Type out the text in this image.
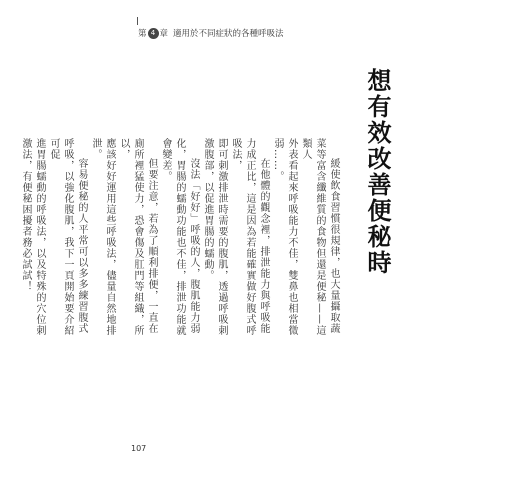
第 4 章 適用於不同症狀的各種呼吸法
想有效改善便秘時

緩使飲食習慣很規律，也大量攝取蔬菜等富含纖維質的食物但還是便秘——這類人

外表看起來呼吸能力不佳，雙鼻也相當微弱……。

在他體的觀念裡，排泄能力與呼吸能力成正比，這是因為若能確實做好腹式呼吸法，

即可刺激排泄時需要的腹肌，透過呼吸刺激腹部，以促進胃腸的蠕動。

沒法「好好」呼吸的人，腹肌能力弱化，胃腸的蠕動功能也不佳，排泄功能就會變差。

但要注意，若為了順利排便，一直在廁所裡猛使力，恐會傷及肛門等組織，所以，

應該好好運用這些呼吸法，儘量自然地排泄。

容易便秘的人平常可以多多練習腹式呼吸，以強化腹肌，我下一頁開始要介紹可促

進胃腸蠕動的呼吸法，以及特殊的穴位刺激法，有便秘困擾者務必試試！

107
